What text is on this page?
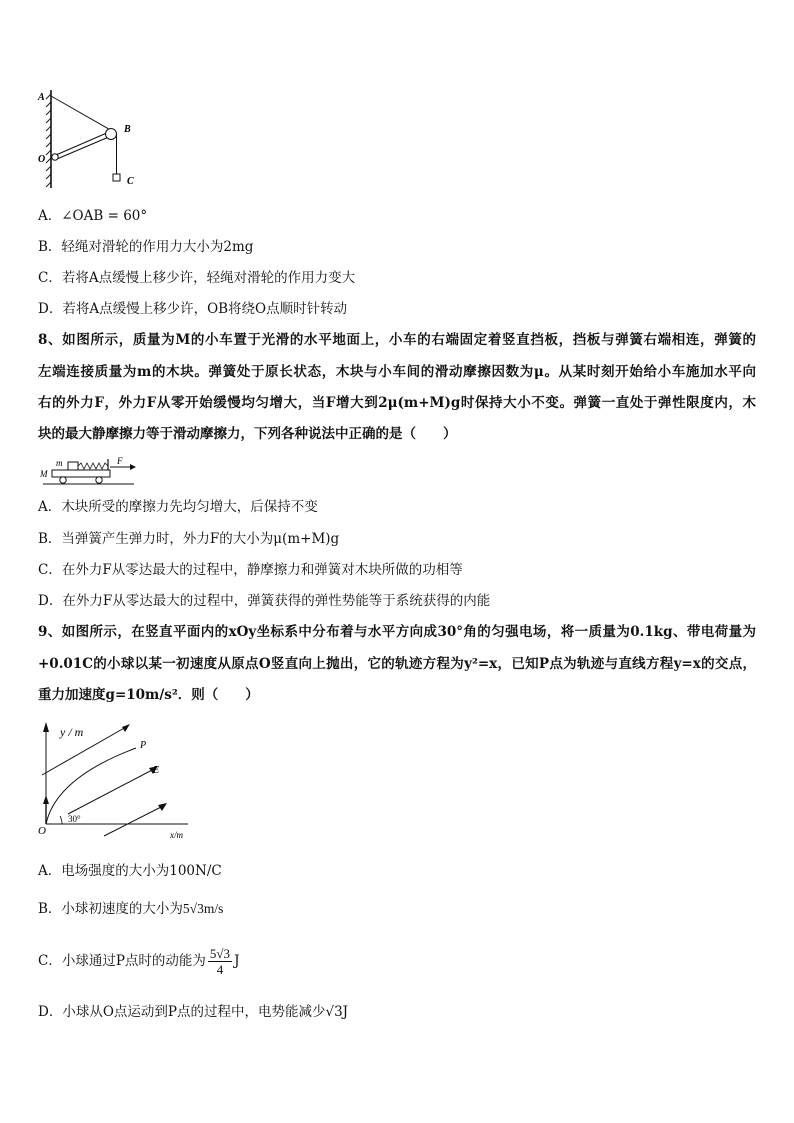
A
B
O
C
A．∠OAB = 60°
B．轻绳对滑轮的作用力大小为2mg
C．若将A点缓慢上移少许，轻绳对滑轮的作用力变大
D．若将A点缓慢上移少许，OB将绕O点顺时针转动
8、如图所示，质量为M的小车置于光滑的水平地面上，小车的右端固定着竖直挡板，挡板与弹簧右端相连，弹簧的
左端连接质量为m的木块。弹簧处于原长状态，木块与小车间的滑动摩擦因数为μ。从某时刻开始给小车施加水平向
右的外力F，外力F从零开始缓慢均匀增大，当F增大到2μ(m+M)g时保持大小不变。弹簧一直处于弹性限度内，木
块的最大静摩擦力等于滑动摩擦力，下列各种说法中正确的是（　　）
m
M
F
A．木块所受的摩擦力先均匀增大，后保持不变
B．当弹簧产生弹力时，外力F的大小为μ(m+M)g
C．在外力F从零达最大的过程中，静摩擦力和弹簧对木块所做的功相等
D．在外力F从零达最大的过程中，弹簧获得的弹性势能等于系统获得的内能
9、如图所示，在竖直平面内的xOy坐标系中分布着与水平方向成30°角的匀强电场，将一质量为0.1kg、带电荷量为
+0.01C的小球以某一初速度从原点O竖直向上抛出，它的轨迹方程为y²=x，已知P点为轨迹与直线方程y=x的交点，
重力加速度g=10m/s²．则（　　）
y / m
x/m
O
30°
P
E
A．电场强度的大小为100N/C
B．小球初速度的大小为5√3m/s
C．小球通过P点时的动能为 $\frac{5√3}{4}$ J
D．小球从O点运动到P点的过程中，电势能减少√3J
